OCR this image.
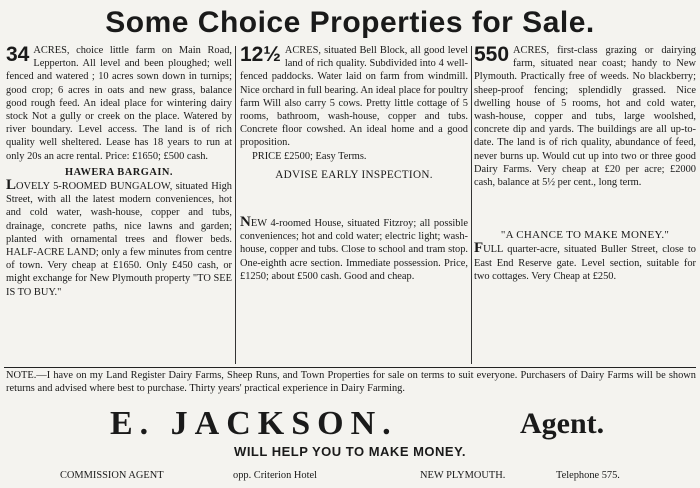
Some Choice Properties for Sale.

34 ACRES, choice little farm on Main Road, Lepperton. All level and been ploughed; well fenced and watered ; 10 acres sown down in turnips; good crop; 6 acres in oats and new grass, balance good rough feed. An ideal place for wintering dairy stock Not a gully or creek on the place. Watered by river boundary. Level access. The land is of rich quality well sheltered. Lease has 18 years to run at only 20s an acre rental. Price: £1650; £500 cash.

HAWERA BARGAIN.

LOVELY 5-ROOMED BUNGALOW, situated High Street, with all the latest modern conveniences, hot and cold water, wash-house, copper and tubs, drainage, concrete paths, nice lawns and garden; planted with ornamental trees and flower beds. HALF-ACRE LAND; only a few minutes from centre of town. Very cheap at £1650. Only £450 cash, or might exchange for New Plymouth property "TO SEE IS TO BUY."

12½ ACRES, situated Bell Block, all good level land of rich quality. Subdivided into 4 well-fenced paddocks. Water laid on farm from windmill. Nice orchard in full bearing. An ideal place for poultry farm Will also carry 5 cows. Pretty little cottage of 5 rooms, bathroom, wash-house, copper and tubs. Concrete floor cowshed. An ideal home and a good proposition.

PRICE £2500; Easy Terms.

ADVISE EARLY INSPECTION.

NEW 4-roomed House, situated Fitzroy; all possible conveniences; hot and cold water; electric light; wash-house, copper and tubs. Close to school and tram stop. One-eighth acre section. Immediate possession. Price, £1250; about £500 cash. Good and cheap.

550 ACRES, first-class grazing or dairying farm, situated near coast; handy to New Plymouth. Practically free of weeds. No blackberry; sheep-proof fencing; splendidly grassed. Nice dwelling house of 5 rooms, hot and cold water, wash-house, copper and tubs, large woolshed, concrete dip and yards. The buildings are all up-to-date. The land is of rich quality, abundance of feed, never burns up. Would cut up into two or three good Dairy Farms. Very cheap at £20 per acre; £2000 cash, balance at 5½ per cent., long term.

"A CHANCE TO MAKE MONEY."

FULL quarter-acre, situated Buller Street, close to East End Reserve gate. Level section, suitable for two cottages. Very Cheap at £250.

NOTE.—I have on my Land Register Dairy Farms, Sheep Runs, and Town Properties for sale on terms to suit everyone. Purchasers of Dairy Farms will be shown returns and advised where best to purchase. Thirty years' practical experience in Dairy Farming.
E. JACKSON.	Agent.
WILL HELP YOU TO MAKE MONEY.
COMMISSION AGENT	opp. Criterion Hotel	NEW PLYMOUTH.	Telephone 575.
